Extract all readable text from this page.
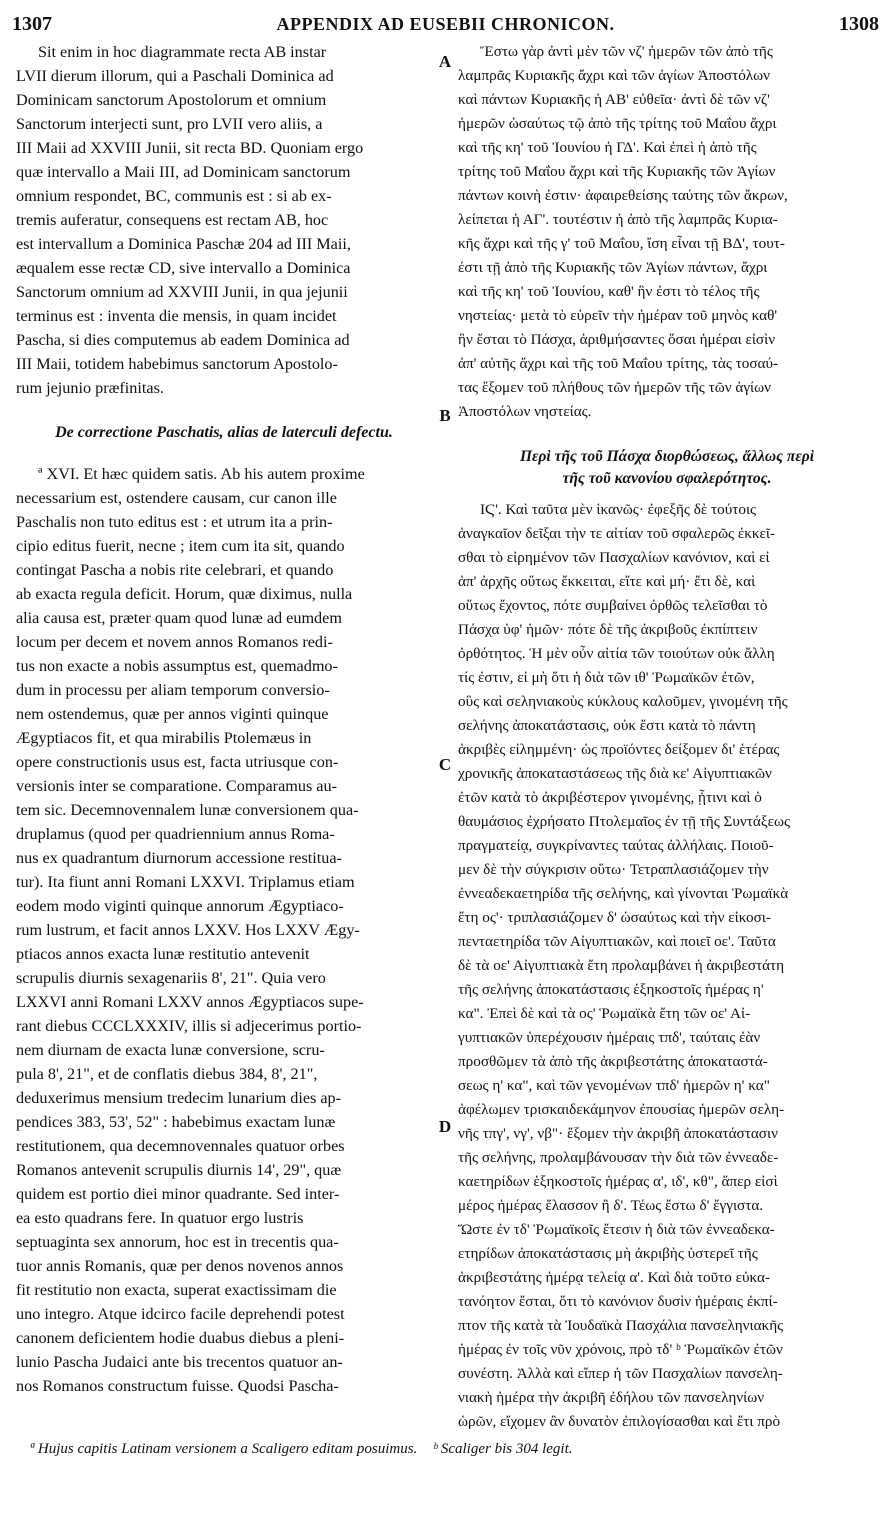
1307	APPENDIX AD EUSEBII CHRONICON.	1308
Sit enim in hoc diagrammate recta AB instar
LVII dierum illorum, qui a Paschali Dominica ad
Dominicam sanctorum Apostolorum et omnium
Sanctorum interjecti sunt, pro LVII vero aliis, a
III Maii ad XXVIII Junii, sit recta BD. Quoniam ergo
quæ intervallo a Maii III, ad Dominicam sanctorum
omnium respondet, BC, communis est : si ab ex-
tremis auferatur, consequens est rectam AB, hoc
est intervallum a Dominica Paschæ 204 ad III Maii,
æqualem esse rectæ CD, sive intervallo a Dominica
Sanctorum omnium ad XXVIII Junii, in qua jejunii
terminus est : inventa die mensis, in quam incidet
Pascha, si dies computemus ab eadem Dominica ad
III Maii, totidem habebimus sanctorum Apostolo-
rum jejunio præfinitas.
De correctione Paschatis, alias de laterculi defectu.
ª XVI. Et hæc quidem satis. Ab his autem proxime
necessarium est, ostendere causam, cur canon ille
Paschalis non tuto editus est : et utrum ita a prin-
cipio editus fuerit, necne ; item cum ita sit, quando
contingat Pascha a nobis rite celebrari, et quando
ab exacta regula deficit. Horum, quæ diximus, nulla
alia causa est, præter quam quod lunæ ad eumdem
locum per decem et novem annos Romanos redi-
tus non exacte a nobis assumptus est, quemadmo-
dum in processu per aliam temporum conversio-
nem ostendemus, quæ per annos viginti quinque
Ægyptiacos fit, et qua mirabilis Ptolemæus in
opere constructionis usus est, facta utriusque con-
versionis inter se comparatione. Comparamus au-
tem sic. Decemnovennalem lunæ conversionem qua-
druplamus (quod per quadriennium annus Roma-
nus ex quadrantum diurnorum accessione restitua-
tur). Ita fiunt anni Romani LXXVI. Triplamus etiam
eodem modo viginti quinque annorum Ægyptiaco-
rum lustrum, et facit annos LXXV. Hos LXXV Ægy-
ptiacos annos exacta lunæ restitutio antevenit
scrupulis diurnis sexagenariis 8', 21". Quia vero
LXXVI anni Romani LXXV annos Ægyptiacos supe-
rant diebus CCCLXXXIV, illis si adjecerimus portio-
nem diurnam de exacta lunæ conversione, scru-
pula 8', 21", et de conflatis diebus 384, 8', 21",
deduxerimus mensium tredecim lunarium dies ap-
pendices 383, 53', 52" : habebimus exactam lunæ
restitutionem, qua decemnovennales quatuor orbes
Romanos antevenit scrupulis diurnis 14', 29", quæ
quidem est portio diei minor quadrante. Sed inter-
ea esto quadrans fere. In quatuor ergo lustris
septuaginta sex annorum, hoc est in trecentis qua-
tuor annis Romanis, quæ per denos novenos annos
fit restitutio non exacta, superat exactissimam die
uno integro. Atque idcirco facile deprehendi potest
canonem deficientem hodie duabus diebus a pleni-
lunio Pascha Judaici ante bis trecentos quatuor an-
nos Romanos constructum fuisse. Quodsi Pascha-
Ἔστω γὰρ ἀντὶ μὲν τῶν νζ' ἡμερῶν τῶν ἀπὸ τῆς
λαμπρᾶς Κυριακῆς ἄχρι καὶ τῶν ἁγίων Ἀποστόλων
καὶ πάντων Κυριακῆς ἡ ΑΒ' εὐθεῖα· ἀντὶ δὲ τῶν νζ'
ἡμερῶν ὡσαύτως τῷ ἀπὸ τῆς τρίτης τοῦ Μαΐου ἄχρι
καὶ τῆς κη' τοῦ Ἰουνίου ἡ ΓΔ'. Καὶ ἐπεὶ ἡ ἀπὸ τῆς
τρίτης τοῦ Μαΐου ἄχρι καὶ τῆς Κυριακῆς τῶν Ἁγίων
πάντων κοινὴ ἐστιν· ἀφαιρεθείσης ταύτης τῶν ἄκρων,
λείπεται ἡ ΑΓ'. τουτέστιν ἡ ἀπὸ τῆς λαμπρᾶς Κυρια-
κῆς ἄχρι καὶ τῆς γ' τοῦ Μαΐου, ἴση εἶναι τῇ ΒΔ', τουτ-
έστι τῇ ἀπὸ τῆς Κυριακῆς τῶν Ἁγίων πάντων, ἄχρι
καὶ τῆς κη' τοῦ Ἰουνίου, καθ' ἣν ἐστι τὸ τέλος τῆς
νηστείας· μετὰ τὸ εὑρεῖν τὴν ἡμέραν τοῦ μηνὸς καθ'
ἣν ἔσται τὸ Πάσχα, ἀριθμήσαντες ὅσαι ἡμέραι εἰσὶν
ἀπ' αὐτῆς ἄχρι καὶ τῆς τοῦ Μαΐου τρίτης, τὰς τοσαύ-
τας ἕξομεν τοῦ πλήθους τῶν ἡμερῶν τῆς τῶν ἁγίων
Ἀποστόλων νηστείας.
Περὶ τῆς τοῦ Πάσχα διορθώσεως, ἄλλως περὶ
τῆς τοῦ κανονίου σφαλερότητος.
ΙϚ'. Καὶ ταῦτα μὲν ἱκανῶς· ἐφεξῆς δὲ τούτοις
ἀναγκαῖον δεῖξαι τὴν τε αἰτίαν τοῦ σφαλερῶς ἐκκεῖ-
σθαι τὸ εἰρημένον τῶν Πασχαλίων κανόνιον, καὶ εἰ
ἀπ' ἀρχῆς οὕτως ἔκκειται, εἴτε καὶ μή· ἔτι δὲ, καὶ
οὕτως ἔχοντος, πότε συμβαίνει ὀρθῶς τελεῖσθαι τὸ
Πάσχα ὑφ' ἡμῶν· πότε δὲ τῆς ἀκριβοῦς ἐκπίπτειν
ὀρθότητος. Ἡ μὲν οὖν αἰτία τῶν τοιούτων οὐκ ἄλλη
τίς ἐστιν, εἰ μὴ ὅτι ἡ διὰ τῶν ιθ' Ῥωμαϊκῶν ἐτῶν,
οὓς καὶ σεληνιακοὺς κύκλους καλοῦμεν, γινομένη τῆς
σελήνης ἀποκατάστασις, οὐκ ἔστι κατὰ τὸ πάντη
ἀκριβὲς εἰλημμένη· ὡς προϊόντες δείξομεν δι' ἑτέρας
χρονικῆς ἀποκαταστάσεως τῆς διὰ κε' Αἰγυπτιακῶν
ἐτῶν κατὰ τὸ ἀκριβέστερον γινομένης, ᾗτινι καὶ ὁ
θαυμάσιος ἐχρήσατο Πτολεμαῖος ἐν τῇ τῆς Συντάξεως
πραγματείᾳ, συγκρίναντες ταύτας ἀλλήλαις. Ποιοῦ-
μεν δὲ τὴν σύγκρισιν οὕτω· Τετραπλασιάζομεν τὴν
ἐννεαδεκαετηρίδα τῆς σελήνης, καὶ γίνονται Ῥωμαϊκὰ
ἔτη ος'· τριπλασιάζομεν δ' ὡσαύτως καὶ τὴν εἰκοσι-
πενταετηρίδα τῶν Αἰγυπτιακῶν, καὶ ποιεῖ οε'. Ταῦτα
δὲ τὰ οε' Αἰγυπτιακὰ ἔτη προλαμβάνει ἡ ἀκριβεστάτη
τῆς σελήνης ἀποκατάστασις ἑξηκοστοῖς ἡμέρας η'
κα". Ἐπεὶ δὲ καὶ τὰ ος' Ῥωμαϊκὰ ἔτη τῶν οε' Αἰ-
γυπτιακῶν ὑπερέχουσιν ἡμέραις τπδ', ταύταις ἐὰν
προσθῶμεν τὰ ἀπὸ τῆς ἀκριβεστάτης ἀποκαταστά-
σεως η' κα", καὶ τῶν γενομένων τπδ' ἡμερῶν η' κα"
ἀφέλωμεν τρισκαιδεκάμηνον ἐπουσίας ἡμερῶν σελη-
νῆς τπγ', νγ', νβ"· ἕξομεν τὴν ἀκριβῆ ἀποκατάστασιν
τῆς σελήνης, προλαμβάνουσαν τὴν διὰ τῶν ἐννεαδε-
καετηρίδων ἑξηκοστοῖς ἡμέρας α', ιδ', κθ", ἅπερ εἰσὶ
μέρος ἡμέρας ἔλασσον ἢ δ'. Τέως ἔστω δ' ἔγγιστα.
Ὥστε ἐν τδ' Ῥωμαϊκοῖς ἔτεσιν ἡ διὰ τῶν ἐννεαδεκα-
ετηρίδων ἀποκατάστασις μὴ ἀκριβὴς ὑστερεῖ τῆς
ἀκριβεστάτης ἡμέρᾳ τελείᾳ α'. Καὶ διὰ τοῦτο εὐκα-
τανόητον ἔσται, ὅτι τὸ κανόνιον δυσὶν ἡμέραις ἐκπί-
πτον τῆς κατὰ τὰ Ἰουδαϊκὰ Πασχάλια πανσεληνιακῆς
ἡμέρας ἐν τοῖς νῦν χρόνοις, πρὸ τδ' ᵇ Ῥωμαϊκῶν ἐτῶν
συνέστη. Ἀλλὰ καὶ εἴπερ ἡ τῶν Πασχαλίων πανσελη-
νιακὴ ἡμέρα τὴν ἀκριβῆ ἐδήλου τῶν πανσεληνίων
ὡρῶν, εἴχομεν ἂν δυνατὸν ἐπιλογίσασθαι καὶ ἔτι πρὸ
A
B
C
D
ª Hujus capitis Latinam versionem a Scaligero editam posuimus. ᵇ Scaliger bis 304 legit.
